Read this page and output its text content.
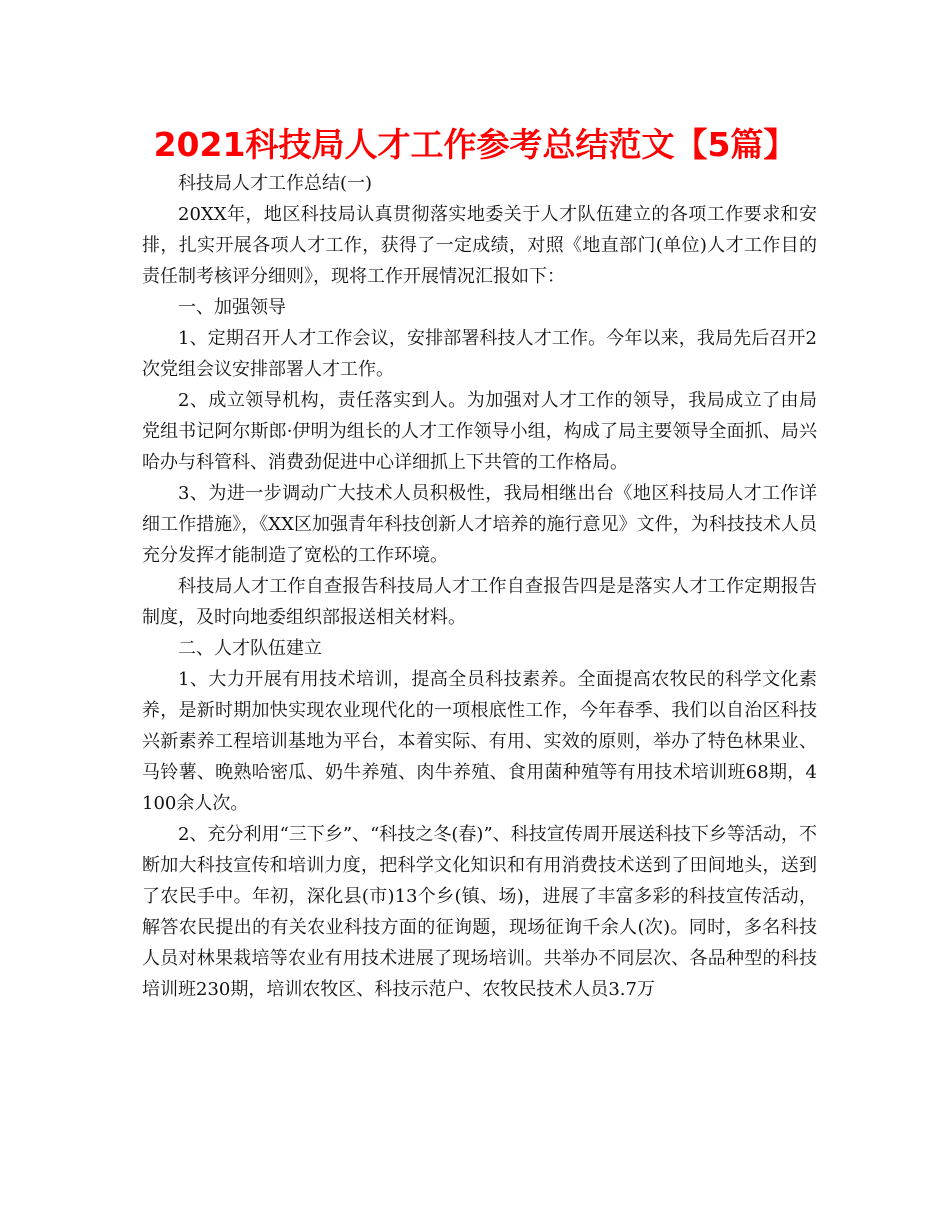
2021科技局人才工作参考总结范文【5篇】

科技局人才工作总结(一)

20XX年，地区科技局认真贯彻落实地委关于人才队伍建立的各项工作要求和安排，扎实开展各项人才工作，获得了一定成绩，对照《地直部门(单位)人才工作目的责任制考核评分细则》，现将工作开展情况汇报如下：

一、加强领导

1、定期召开人才工作会议，安排部署科技人才工作。今年以来，我局先后召开2次党组会议安排部署人才工作。

2、成立领导机构，责任落实到人。为加强对人才工作的领导，我局成立了由局党组书记阿尔斯郎·伊明为组长的人才工作领导小组，构成了局主要领导全面抓、局兴哈办与科管科、消费劲促进中心详细抓上下共管的工作格局。

3、为进一步调动广大技术人员积极性，我局相继出台《地区科技局人才工作详细工作措施》，《XX区加强青年科技创新人才培养的施行意见》文件，为科技技术人员充分发挥才能制造了宽松的工作环境。

科技局人才工作自查报告科技局人才工作自查报告四是是落实人才工作定期报告制度，及时向地委组织部报送相关材料。

二、人才队伍建立

1、大力开展有用技术培训，提高全员科技素养。全面提高农牧民的科学文化素养，是新时期加快实现农业现代化的一项根底性工作，今年春季、我们以自治区科技兴新素养工程培训基地为平台，本着实际、有用、实效的原则，举办了特色林果业、马铃薯、晚熟哈密瓜、奶牛养殖、肉牛养殖、食用菌种殖等有用技术培训班68期，4100余人次。

2、充分利用“三下乡”、“科技之冬(春)”、科技宣传周开展送科技下乡等活动，不断加大科技宣传和培训力度，把科学文化知识和有用消费技术送到了田间地头，送到了农民手中。年初，深化县(市)13个乡(镇、场)，进展了丰富多彩的科技宣传活动，解答农民提出的有关农业科技方面的征询题，现场征询千余人(次)。同时，多名科技人员对林果栽培等农业有用技术进展了现场培训。共举办不同层次、各品种型的科技培训班230期，培训农牧区、科技示范户、农牧民技术人员3.7万
